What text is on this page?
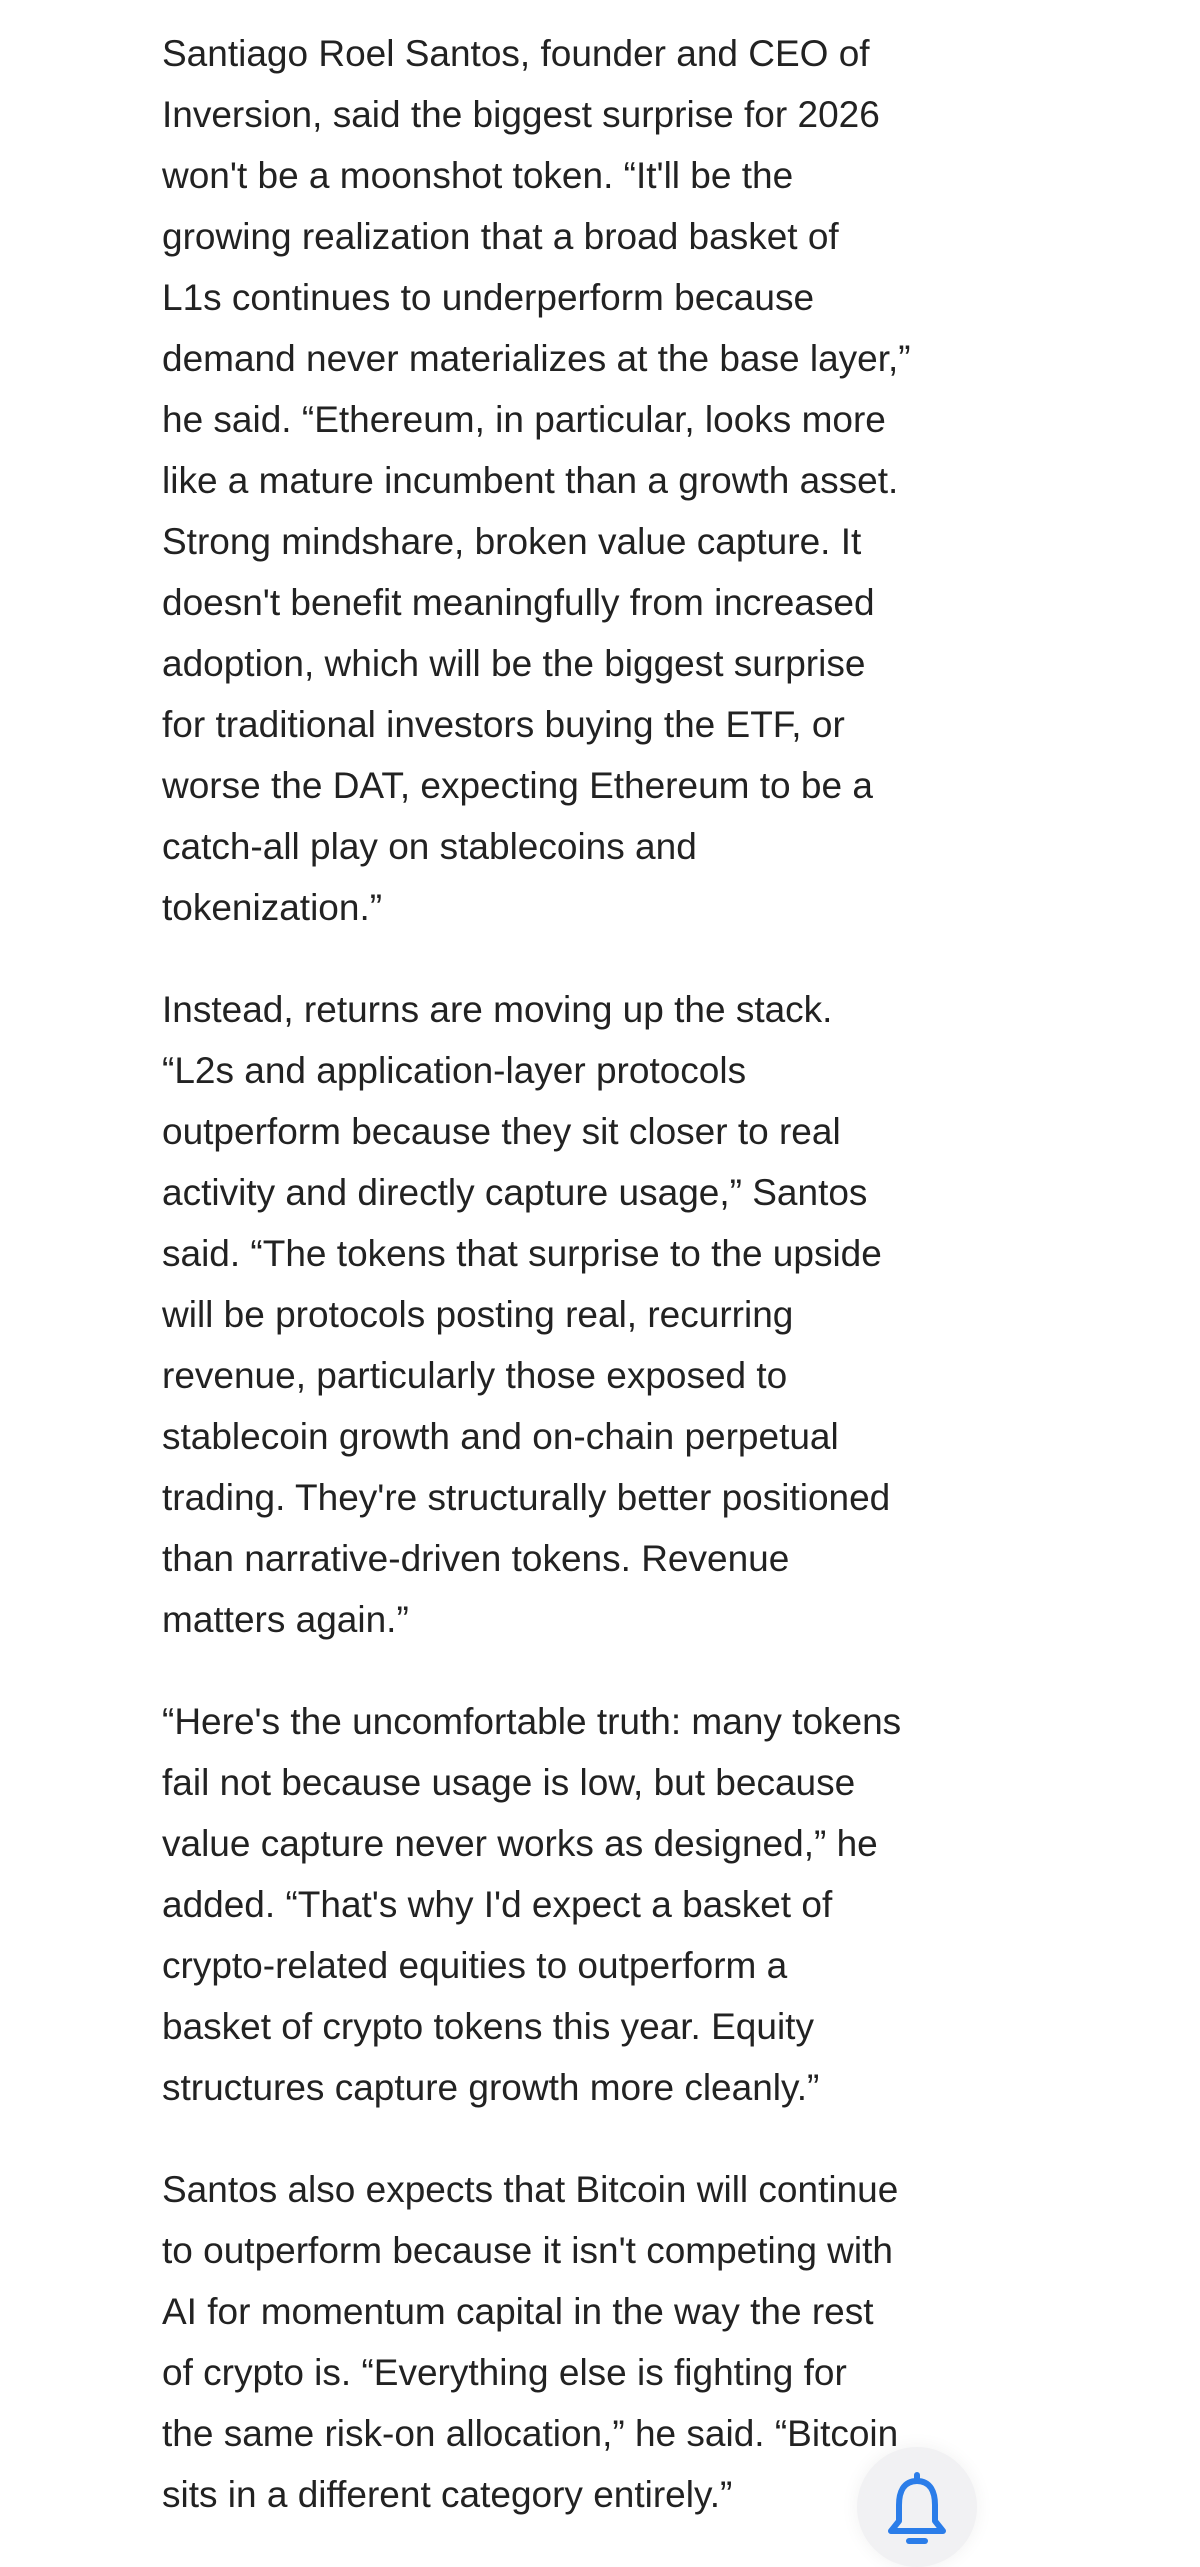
Santiago Roel Santos, founder and CEO of
Inversion, said the biggest surprise for 2026
won't be a moonshot token. “It'll be the
growing realization that a broad basket of
L1s continues to underperform because
demand never materializes at the base layer,”
he said. “Ethereum, in particular, looks more
like a mature incumbent than a growth asset.
Strong mindshare, broken value capture. It
doesn't benefit meaningfully from increased
adoption, which will be the biggest surprise
for traditional investors buying the ETF, or
worse the DAT, expecting Ethereum to be a
catch-all play on stablecoins and
tokenization.”

Instead, returns are moving up the stack.
“L2s and application-layer protocols
outperform because they sit closer to real
activity and directly capture usage,” Santos
said. “The tokens that surprise to the upside
will be protocols posting real, recurring
revenue, particularly those exposed to
stablecoin growth and on-chain perpetual
trading. They're structurally better positioned
than narrative-driven tokens. Revenue
matters again.”

“Here's the uncomfortable truth: many tokens
fail not because usage is low, but because
value capture never works as designed,” he
added. “That's why I'd expect a basket of
crypto-related equities to outperform a
basket of crypto tokens this year. Equity
structures capture growth more cleanly.”

Santos also expects that Bitcoin will continue
to outperform because it isn't competing with
AI for momentum capital in the way the rest
of crypto is. “Everything else is fighting for
the same risk-on allocation,” he said. “Bitcoin
sits in a different category entirely.”
